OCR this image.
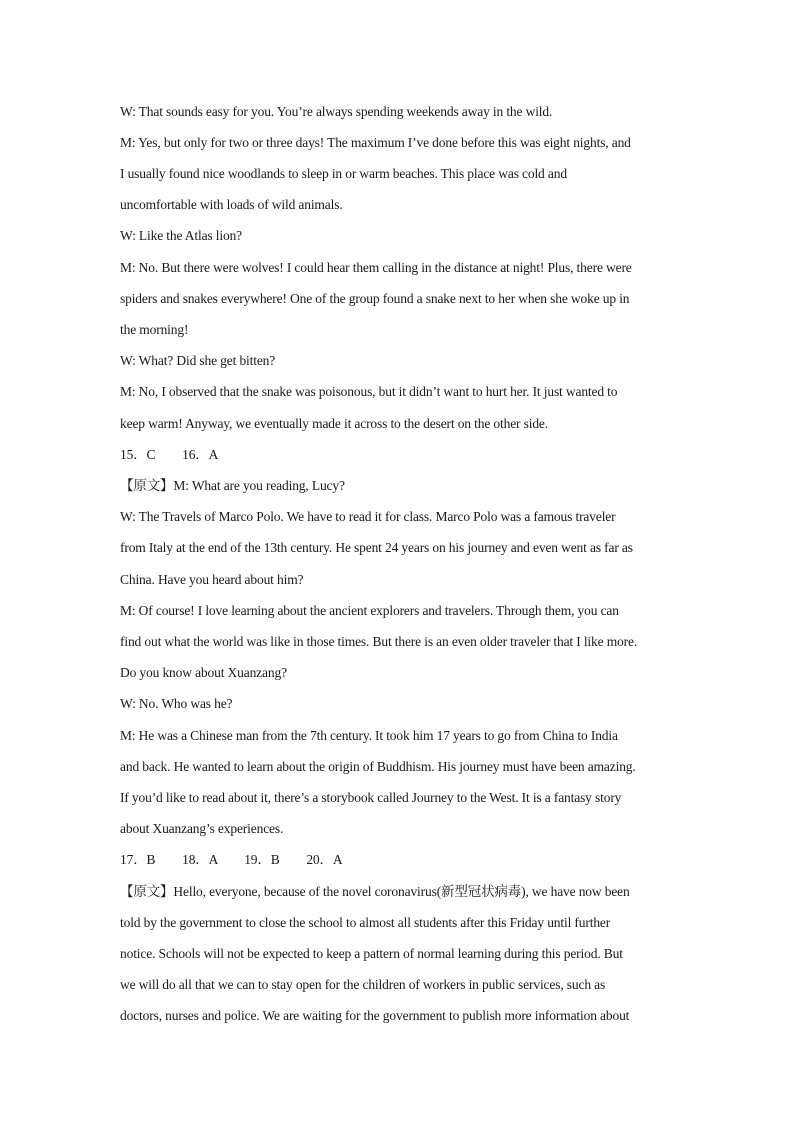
W: That sounds easy for you. You’re always spending weekends away in the wild.
M: Yes, but only for two or three days! The maximum I’ve done before this was eight nights, and
I usually found nice woodlands to sleep in or warm beaches. This place was cold and
uncomfortable with loads of wild animals.
W: Like the Atlas lion?
M: No. But there were wolves! I could hear them calling in the distance at night! Plus, there were
spiders and snakes everywhere! One of the group found a snake next to her when she woke up in
the morning!
W: What? Did she get bitten?
M: No, I observed that the snake was poisonous, but it didn’t want to hurt her. It just wanted to
keep warm! Anyway, we eventually made it across to the desert on the other side.
15．C　　16．A
【原文】M: What are you reading, Lucy?
W: The Travels of Marco Polo. We have to read it for class. Marco Polo was a famous traveler
from Italy at the end of the 13th century. He spent 24 years on his journey and even went as far as
China. Have you heard about him?
M: Of course! I love learning about the ancient explorers and travelers. Through them, you can
find out what the world was like in those times. But there is an even older traveler that I like more.
Do you know about Xuanzang?
W: No. Who was he?
M: He was a Chinese man from the 7th century. It took him 17 years to go from China to India
and back. He wanted to learn about the origin of Buddhism. His journey must have been amazing.
If you’d like to read about it, there’s a storybook called Journey to the West. It is a fantasy story
about Xuanzang’s experiences.
17．B　　18．A　　19．B　　20．A
【原文】Hello, everyone, because of the novel coronavirus(新型冠状病毒), we have now been
told by the government to close the school to almost all students after this Friday until further
notice. Schools will not be expected to keep a pattern of normal learning during this period. But
we will do all that we can to stay open for the children of workers in public services, such as
doctors, nurses and police. We are waiting for the government to publish more information about
